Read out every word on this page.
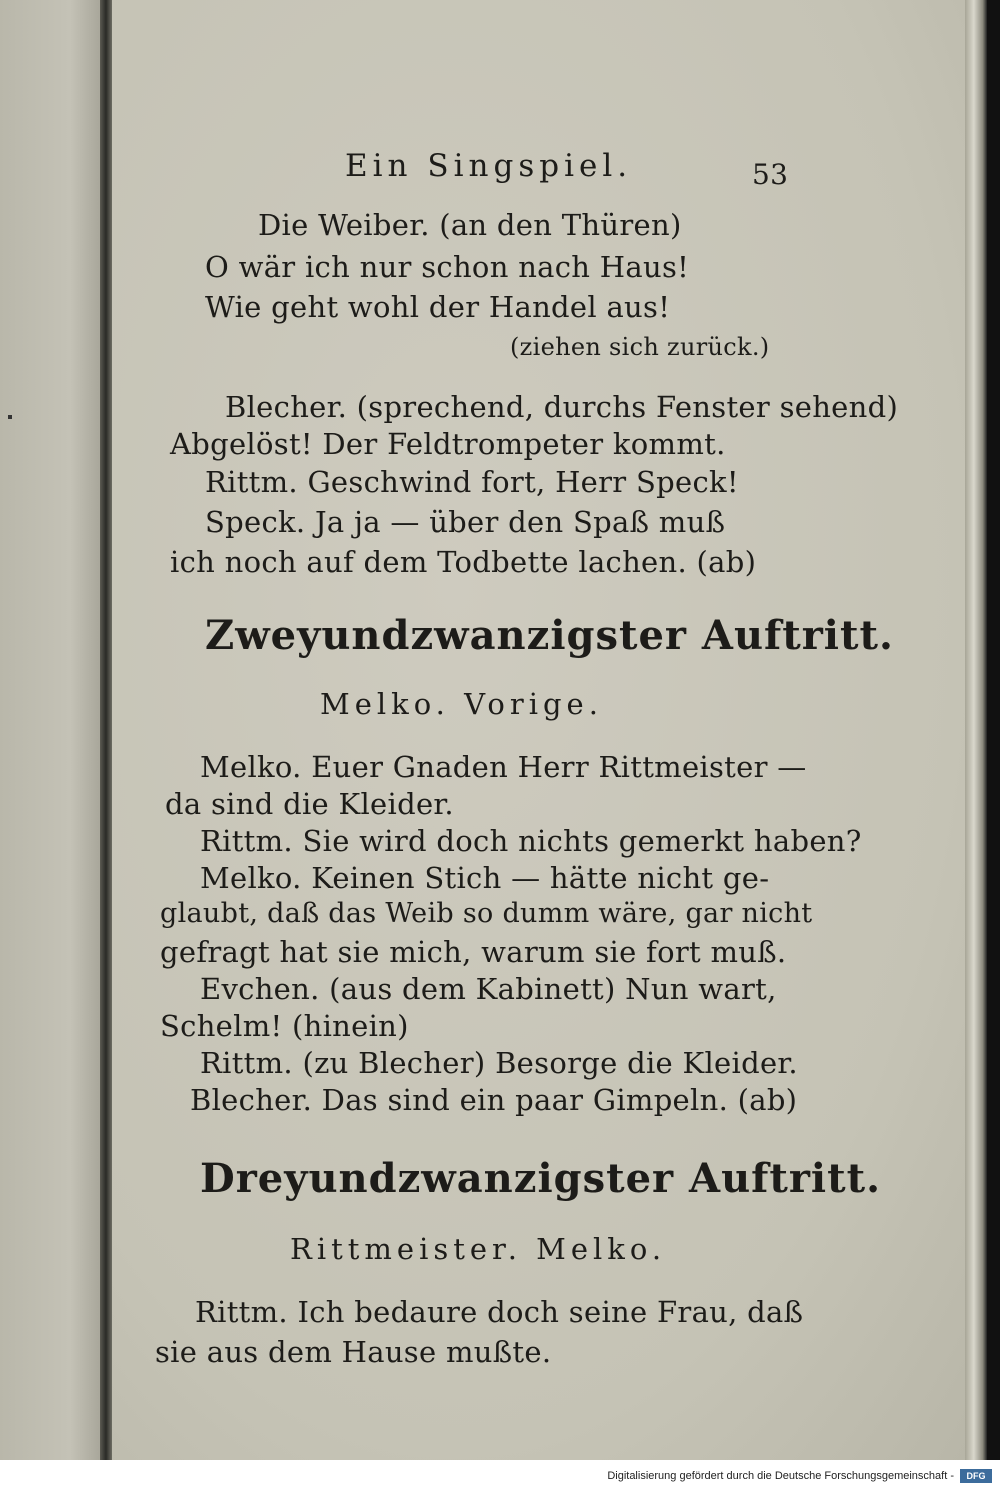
Ein Singspiel.	53
Die Weiber. (an den Thüren)
O wär ich nur schon nach Haus!
Wie geht wohl der Handel aus!
(ziehen sich zurück.)
Blecher. (sprechend, durchs Fenster sehend)
Abgelöst! Der Feldtrompeter kommt.
Rittm. Geschwind fort, Herr Speck!
Speck. Ja ja — über den Spaß muß
ich noch auf dem Todbette lachen. (ab)
Zweyundzwanzigster Auftritt.
Melko. Vorige.
Melko. Euer Gnaden Herr Rittmeister —
da sind die Kleider.
Rittm. Sie wird doch nichts gemerkt haben?
Melko. Keinen Stich — hätte nicht ge-
glaubt, daß das Weib so dumm wäre, gar nicht
gefragt hat sie mich, warum sie fort muß.
Evchen. (aus dem Kabinett) Nun wart,
Schelm! (hinein)
Rittm. (zu Blecher) Besorge die Kleider.
Blecher. Das sind ein paar Gimpeln. (ab)
Dreyundzwanzigster Auftritt.
Rittmeister. Melko.
Rittm. Ich bedaure doch seine Frau, daß
sie aus dem Hause mußte.
Digitalisierung gefördert durch die Deutsche Forschungsgemeinschaft -	DFG
